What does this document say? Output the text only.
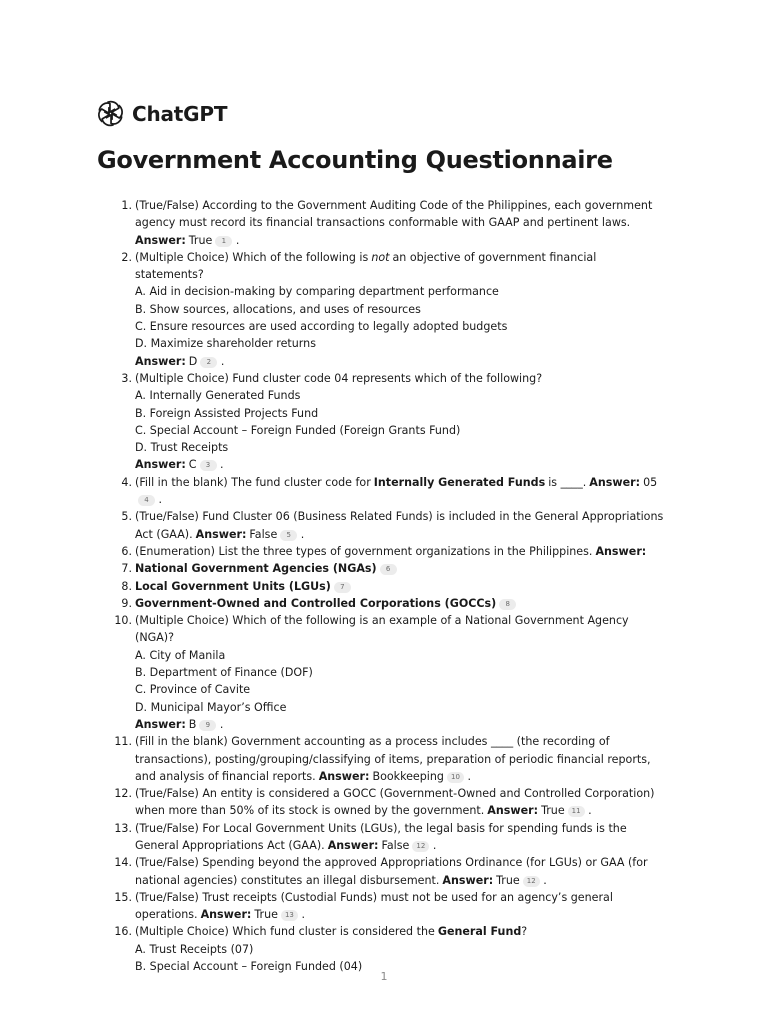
ChatGPT
Government Accounting Questionnaire
1. (True/False) According to the Government Auditing Code of the Philippines, each government agency must record its financial transactions conformable with GAAP and pertinent laws.Answer: True 1 .
2. (Multiple Choice) Which of the following is not an objective of government financial statements?
A. Aid in decision-making by comparing department performance
B. Show sources, allocations, and uses of resources
C. Ensure resources are used according to legally adopted budgets
D. Maximize shareholder returns
Answer: D 2 .
3. (Multiple Choice) Fund cluster code 04 represents which of the following?
A. Internally Generated Funds
B. Foreign Assisted Projects Fund
C. Special Account – Foreign Funded (Foreign Grants Fund)
D. Trust Receipts
Answer: C 3 .
4. (Fill in the blank) The fund cluster code for Internally Generated Funds is ____. Answer: 054 .
5. (True/False) Fund Cluster 06 (Business Related Funds) is included in the General Appropriations Act (GAA). Answer: False 5 .
6. (Enumeration) List the three types of government organizations in the Philippines. Answer:
7. National Government Agencies (NGAs) 6
8. Local Government Units (LGUs) 7
9. Government-Owned and Controlled Corporations (GOCCs) 8
10. (Multiple Choice) Which of the following is an example of a National Government Agency (NGA)?
A. City of Manila
B. Department of Finance (DOF)
C. Province of Cavite
D. Municipal Mayor’s Office
Answer: B 9 .
11. (Fill in the blank) Government accounting as a process includes ____ (the recording of transactions), posting/grouping/classifying of items, preparation of periodic financial reports, and analysis of financial reports. Answer: Bookkeeping 10 .
12. (True/False) An entity is considered a GOCC (Government-Owned and Controlled Corporation) when more than 50% of its stock is owned by the government. Answer: True 11 .
13. (True/False) For Local Government Units (LGUs), the legal basis for spending funds is the General Appropriations Act (GAA). Answer: False 12 .
14. (True/False) Spending beyond the approved Appropriations Ordinance (for LGUs) or GAA (for national agencies) constitutes an illegal disbursement. Answer: True 12 .
15. (True/False) Trust receipts (Custodial Funds) must not be used for an agency’s general operations. Answer: True 13 .
16. (Multiple Choice) Which fund cluster is considered the General Fund?
A. Trust Receipts (07)
B. Special Account – Foreign Funded (04)
1
